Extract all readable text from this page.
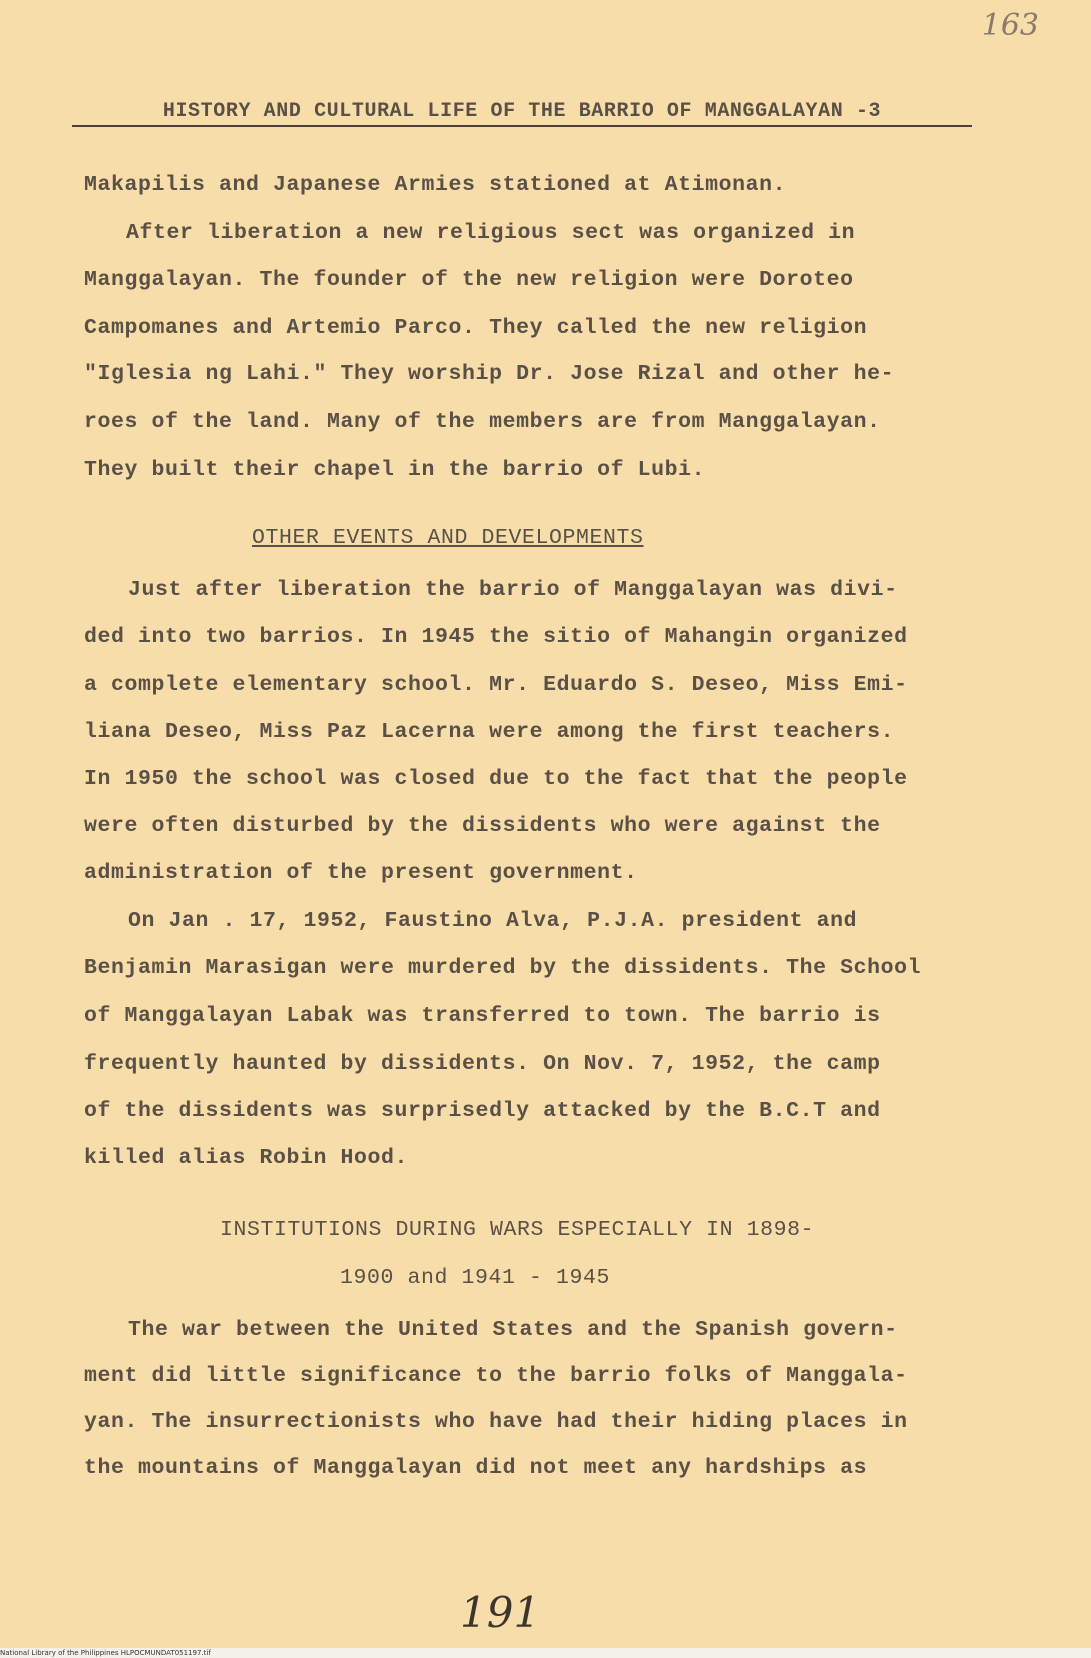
163
HISTORY AND CULTURAL LIFE OF THE BARRIO OF MANGGALAYAN -3
Makapilis and Japanese Armies stationed at Atimonan.
After liberation a new religious sect was organized in
Manggalayan. The founder of the new religion were Doroteo
Campomanes and Artemio Parco. They called the new religion
"Iglesia ng Lahi." They worship Dr. Jose Rizal and other he-
roes of the land. Many of the members are from Manggalayan.
They built their chapel in the barrio of Lubi.
OTHER EVENTS AND DEVELOPMENTS
Just after liberation the barrio of Manggalayan was divi-
ded into two barrios. In 1945 the sitio of Mahangin organized
a complete elementary school. Mr. Eduardo S. Deseo, Miss Emi-
liana Deseo, Miss Paz Lacerna were among the first teachers.
In 1950 the school was closed due to the fact that the people
were often disturbed by the dissidents who were against the
administration of the present government.
On Jan . 17, 1952, Faustino Alva, P.J.A. president and
Benjamin Marasigan were murdered by the dissidents. The School
of Manggalayan Labak was transferred to town. The barrio is
frequently haunted by dissidents. On Nov. 7, 1952, the camp
of the dissidents was surprisedly attacked by the B.C.T and
killed alias Robin Hood.
INSTITUTIONS DURING WARS ESPECIALLY IN 1898-
1900 and 1941 - 1945
The war between the United States and the Spanish govern-
ment did little significance to the barrio folks of Manggala-
yan. The insurrectionists who have had their hiding places in
the mountains of Manggalayan did not meet any hardships as
191
National Library of the Philippines HLPOCMUNDAT051197.tif
